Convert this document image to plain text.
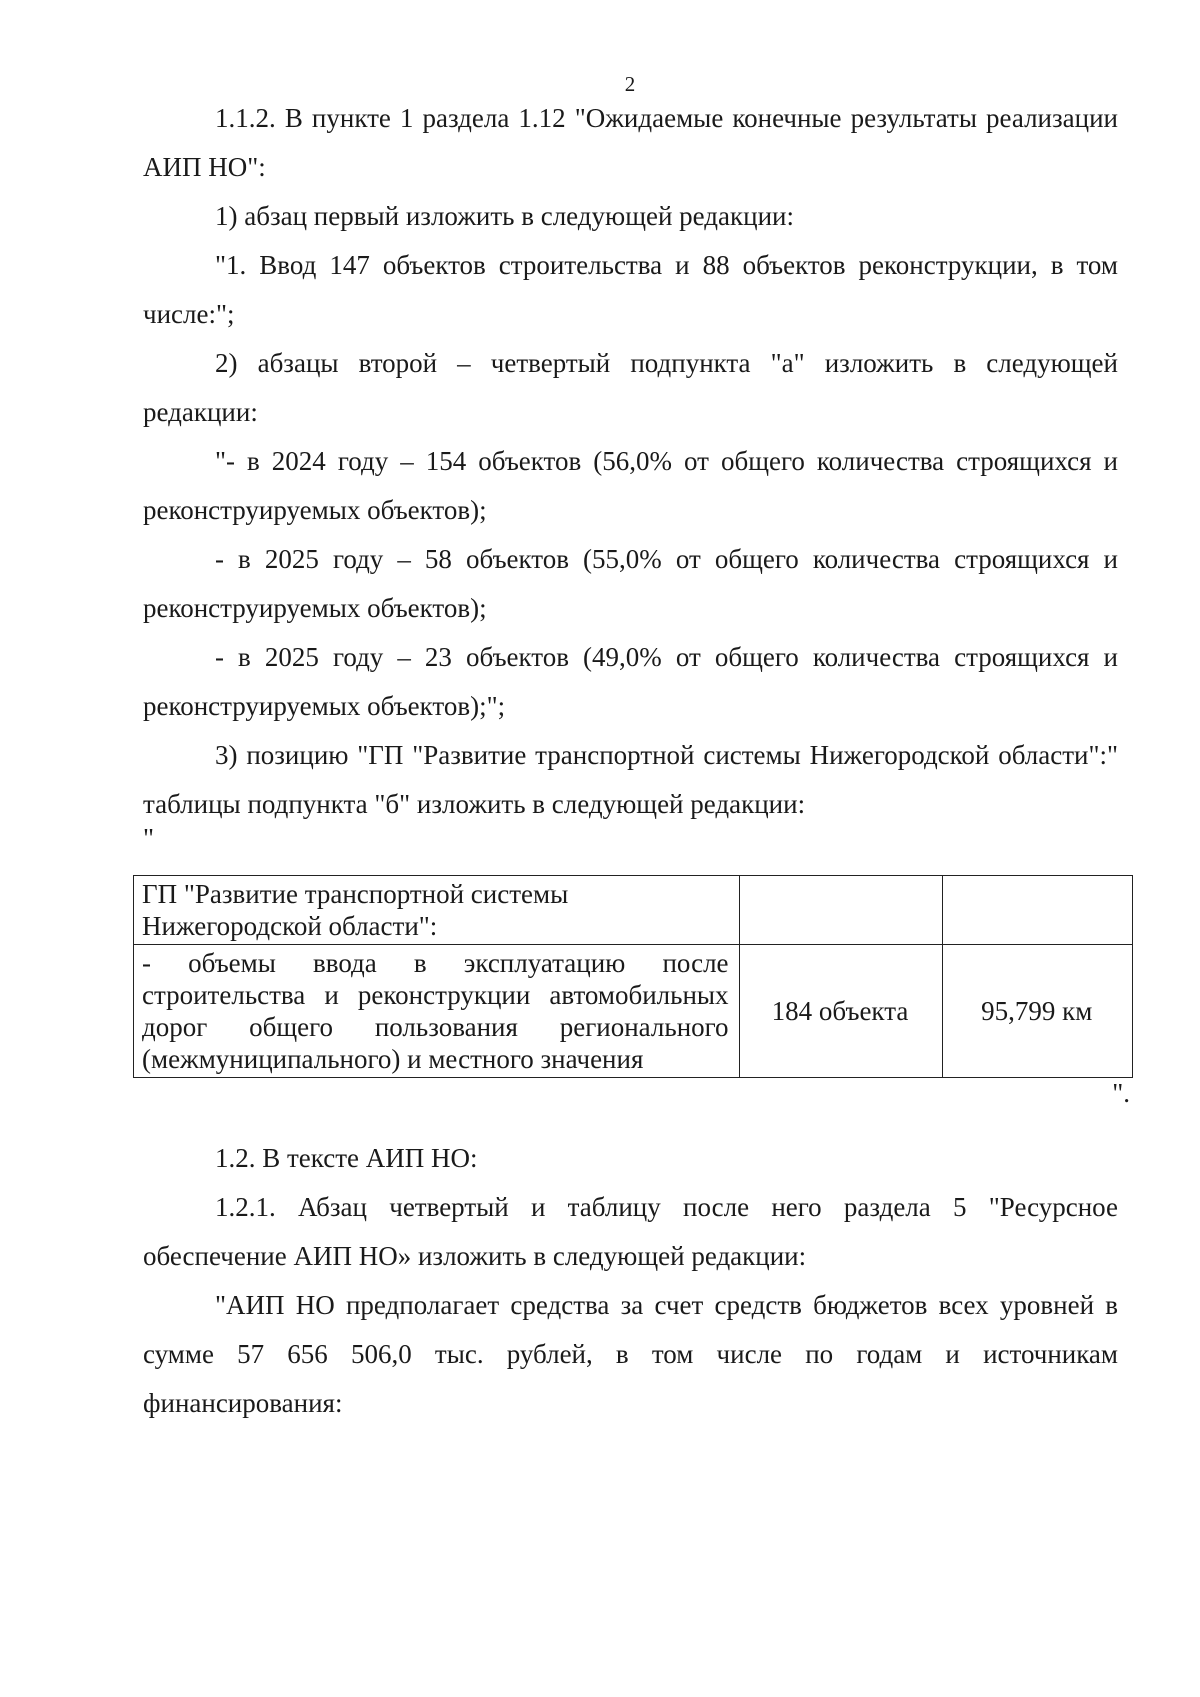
2

1.1.2. В пункте 1 раздела 1.12 "Ожидаемые конечные результаты реализации АИП НО":

1) абзац первый изложить в следующей редакции:

"1. Ввод 147 объектов строительства и 88 объектов реконструкции, в том числе:";

2) абзацы второй – четвертый подпункта "а" изложить в следующей редакции:

"- в 2024 году – 154 объектов (56,0% от общего количества строящихся и реконструируемых объектов);

- в 2025 году – 58 объектов (55,0% от общего количества строящихся и реконструируемых объектов);

- в 2025 году – 23 объектов (49,0% от общего количества строящихся и реконструируемых объектов);";

3) позицию "ГП "Развитие транспортной системы Нижегородской области":" таблицы подпункта "б" изложить в следующей редакции:

"
ГП "Развитие транспортной системы Нижегородской области":		
- объемы ввода в эксплуатацию после строительства и реконструкции автомобильных дорог общего пользования регионального (межмуниципального) и местного значения	184 объекта	95,799 км
".

1.2. В тексте АИП НО:

1.2.1. Абзац четвертый и таблицу после него раздела 5 "Ресурсное обеспечение АИП НО» изложить в следующей редакции:

"АИП НО предполагает средства за счет средств бюджетов всех уровней в сумме 57 656 506,0 тыс. рублей, в том числе по годам и источникам финансирования:
